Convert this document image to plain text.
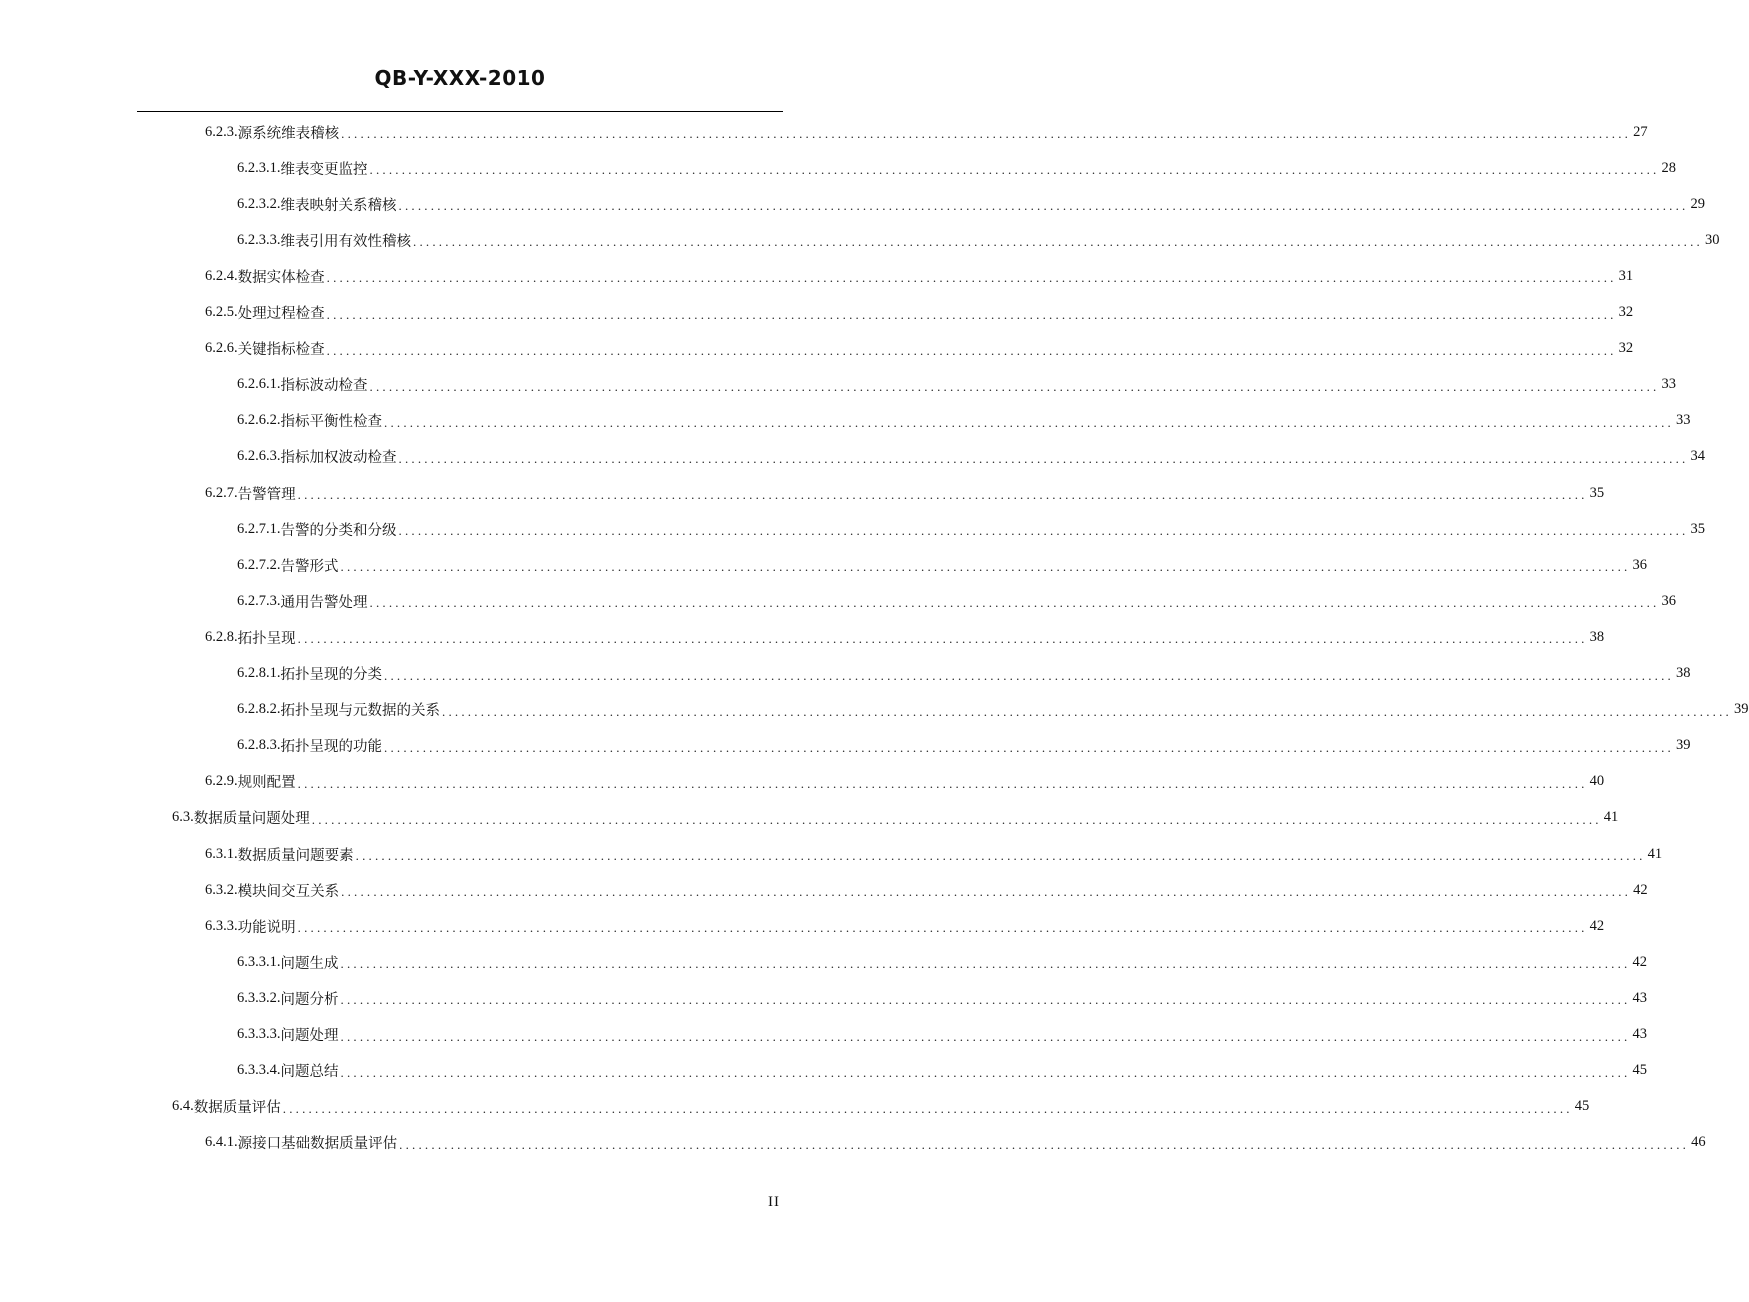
QB-Y-XXX-2010
6.2.3. 源系统维表稽核 ........................................................................................................................................................................................................ 27
6.2.3.1. 维表变更监控 ........................................................................................................................................................................................................ 28
6.2.3.2. 维表映射关系稽核 ........................................................................................................................................................................................................ 29
6.2.3.3. 维表引用有效性稽核 ........................................................................................................................................................................................................ 30
6.2.4. 数据实体检查 ........................................................................................................................................................................................................ 31
6.2.5. 处理过程检查 ........................................................................................................................................................................................................ 32
6.2.6. 关键指标检查 ........................................................................................................................................................................................................ 32
6.2.6.1. 指标波动检查 ........................................................................................................................................................................................................ 33
6.2.6.2. 指标平衡性检查 ........................................................................................................................................................................................................ 33
6.2.6.3. 指标加权波动检查 ........................................................................................................................................................................................................ 34
6.2.7. 告警管理 ........................................................................................................................................................................................................ 35
6.2.7.1. 告警的分类和分级 ........................................................................................................................................................................................................ 35
6.2.7.2. 告警形式 ........................................................................................................................................................................................................ 36
6.2.7.3. 通用告警处理 ........................................................................................................................................................................................................ 36
6.2.8. 拓扑呈现 ........................................................................................................................................................................................................ 38
6.2.8.1. 拓扑呈现的分类 ........................................................................................................................................................................................................ 38
6.2.8.2. 拓扑呈现与元数据的关系 ........................................................................................................................................................................................................ 39
6.2.8.3. 拓扑呈现的功能 ........................................................................................................................................................................................................ 39
6.2.9. 规则配置 ........................................................................................................................................................................................................ 40
6.3. 数据质量问题处理 ........................................................................................................................................................................................................ 41
6.3.1. 数据质量问题要素 ........................................................................................................................................................................................................ 41
6.3.2. 模块间交互关系 ........................................................................................................................................................................................................ 42
6.3.3. 功能说明 ........................................................................................................................................................................................................ 42
6.3.3.1. 问题生成 ........................................................................................................................................................................................................ 42
6.3.3.2. 问题分析 ........................................................................................................................................................................................................ 43
6.3.3.3. 问题处理 ........................................................................................................................................................................................................ 43
6.3.3.4. 问题总结 ........................................................................................................................................................................................................ 45
6.4. 数据质量评估 ........................................................................................................................................................................................................ 45
6.4.1. 源接口基础数据质量评估 ........................................................................................................................................................................................................ 46
II
